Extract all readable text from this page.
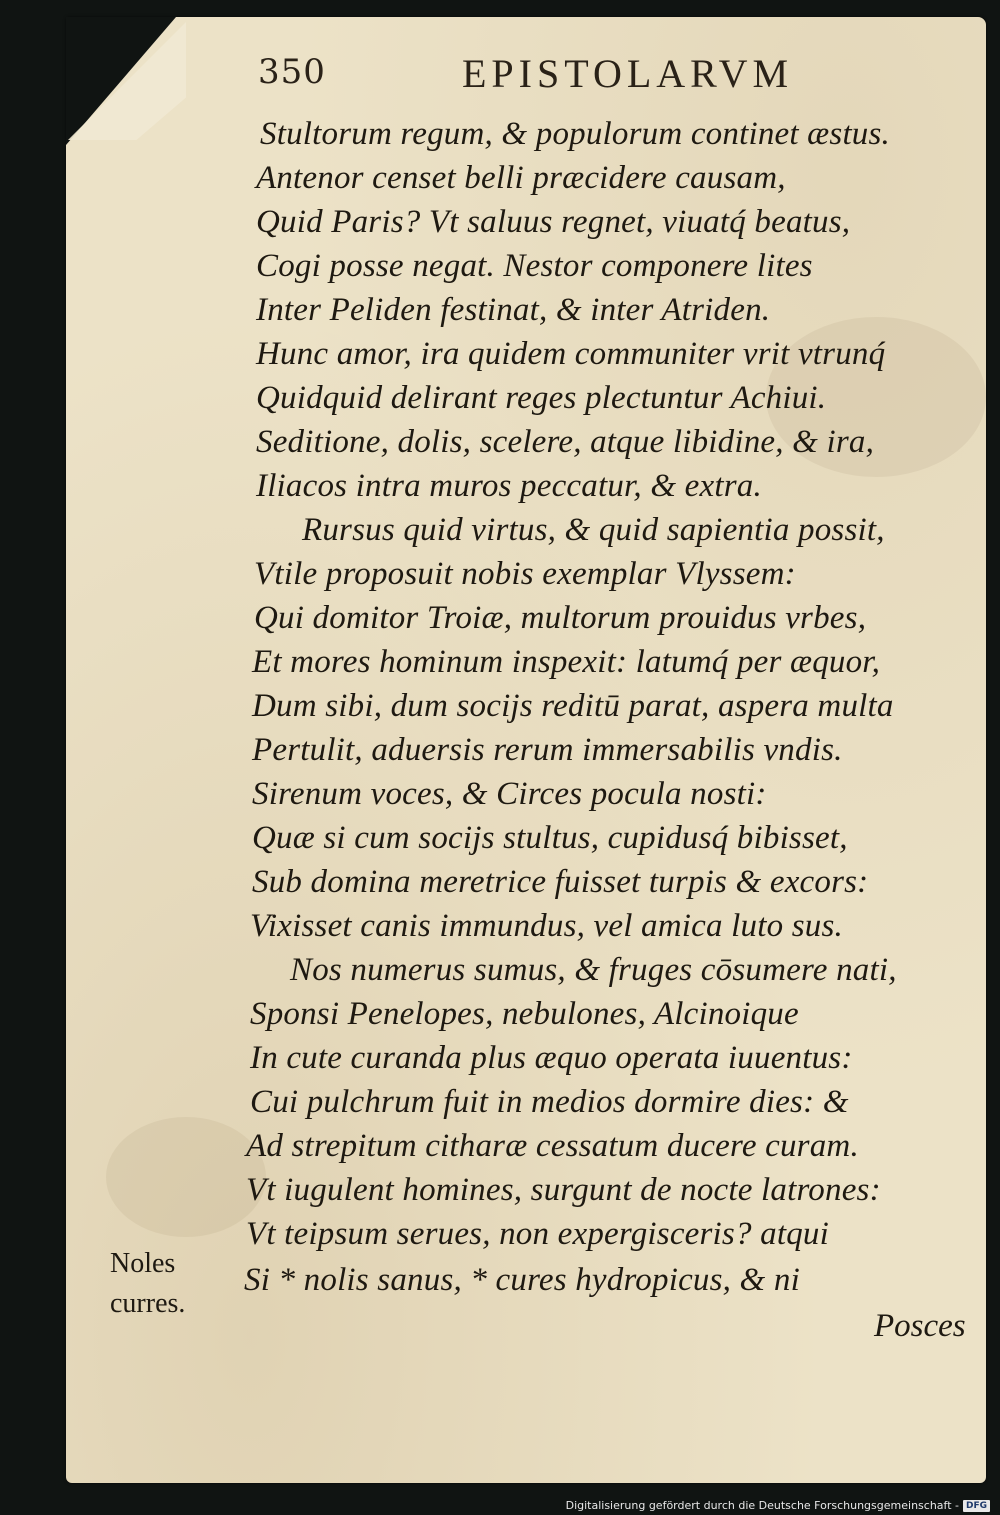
350	EPISTOLARVM
Stultorum regum, & populorum continet æstus.
Antenor censet belli præcidere causam,
Quid Paris? Vt saluus regnet, viuatq́ beatus,
Cogi posse negat. Nestor componere lites
Inter Peliden festinat, & inter Atriden.
Hunc amor, ira quidem communiter vrit vtrunq́
Quidquid delirant reges plectuntur Achiui.
Seditione, dolis, scelere, atque libidine, & ira,
Iliacos intra muros peccatur, & extra.
Rursus quid virtus, & quid sapientia possit,
Vtile proposuit nobis exemplar Vlyssem:
Qui domitor Troiæ, multorum prouidus vrbes,
Et mores hominum inspexit: latumq́ per æquor,
Dum sibi, dum socijs reditū parat, aspera multa
Pertulit, aduersis rerum immersabilis vndis.
Sirenum voces, & Circes pocula nosti:
Quæ si cum socijs stultus, cupidusq́ bibisset,
Sub domina meretrice fuisset turpis & excors:
Vixisset canis immundus, vel amica luto sus.
Nos numerus sumus, & fruges cōsumere nati,
Sponsi Penelopes, nebulones, Alcinoique
In cute curanda plus æquo operata iuuentus:
Cui pulchrum fuit in medios dormire dies: &
Ad strepitum citharæ cessatum ducere curam.
Vt iugulent homines, surgunt de nocte latrones:
Vt teipsum serues, non expergisceris? atqui
Si * nolis sanus, * cures hydropicus, & ni
Noles
curres.
Posces
Digitalisierung gefördert durch die Deutsche Forschungsgemeinschaft - DFG
